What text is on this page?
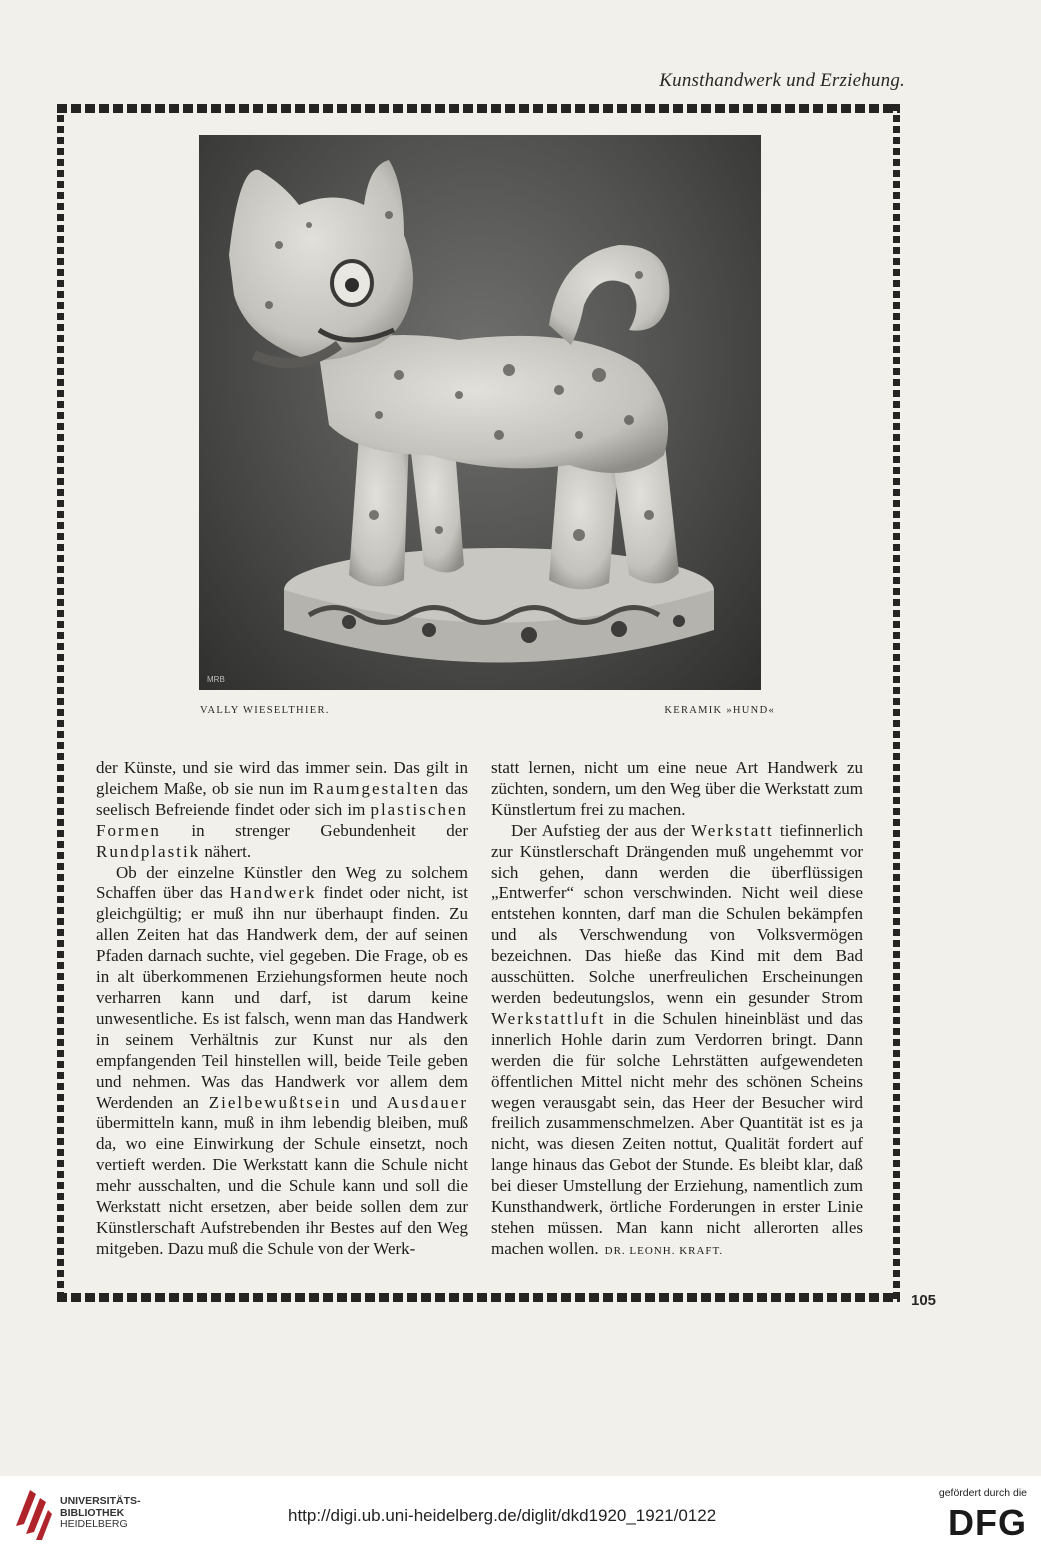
Kunsthandwerk und Erziehung.
MRB
VALLY WIESELTHIER.	KERAMIK »HUND«

der Künste, und sie wird das immer sein. Das gilt in gleichem Maße, ob sie nun im Raumgestalten das seelisch Befreiende findet oder sich im plastischen Formen in strenger Gebundenheit der Rundplastik nähert.

Ob der einzelne Künstler den Weg zu solchem Schaffen über das Handwerk findet oder nicht, ist gleichgültig; er muß ihn nur überhaupt finden. Zu allen Zeiten hat das Handwerk dem, der auf seinen Pfaden darnach suchte, viel gegeben. Die Frage, ob es in alt überkommenen Erziehungsformen heute noch verharren kann und darf, ist darum keine unwesentliche. Es ist falsch, wenn man das Handwerk in seinem Verhältnis zur Kunst nur als den empfangenden Teil hinstellen will, beide Teile geben und nehmen. Was das Handwerk vor allem dem Werdenden an Zielbewußtsein und Ausdauer übermitteln kann, muß in ihm lebendig bleiben, muß da, wo eine Einwirkung der Schule einsetzt, noch vertieft werden. Die Werkstatt kann die Schule nicht mehr ausschalten, und die Schule kann und soll die Werkstatt nicht ersetzen, aber beide sollen dem zur Künstlerschaft Aufstrebenden ihr Bestes auf den Weg mitgeben. Dazu muß die Schule von der Werk-

statt lernen, nicht um eine neue Art Handwerk zu züchten, sondern, um den Weg über die Werkstatt zum Künstlertum frei zu machen.

Der Aufstieg der aus der Werkstatt tiefinnerlich zur Künstlerschaft Drängenden muß ungehemmt vor sich gehen, dann werden die überflüssigen „Entwerfer“ schon verschwinden. Nicht weil diese entstehen konnten, darf man die Schulen bekämpfen und als Verschwendung von Volksvermögen bezeichnen. Das hieße das Kind mit dem Bad ausschütten. Solche unerfreulichen Erscheinungen werden bedeutungslos, wenn ein gesunder Strom Werkstattluft in die Schulen hineinbläst und das innerlich Hohle darin zum Verdorren bringt. Dann werden die für solche Lehrstätten aufgewendeten öffentlichen Mittel nicht mehr des schönen Scheins wegen verausgabt sein, das Heer der Besucher wird freilich zusammenschmelzen. Aber Quantität ist es ja nicht, was diesen Zeiten nottut, Qualität fordert auf lange hinaus das Gebot der Stunde. Es bleibt klar, daß bei dieser Umstellung der Erziehung, namentlich zum Kunsthandwerk, örtliche Forderungen in erster Linie stehen müssen. Man kann nicht allerorten alles machen wollen. DR. LEONH. KRAFT.

105
UNIVERSITÄTS-
BIBLIOTHEK
HEIDELBERG	http://digi.ub.uni-heidelberg.de/diglit/dkd1920_1921/0122
gefördert durch die
DFG
